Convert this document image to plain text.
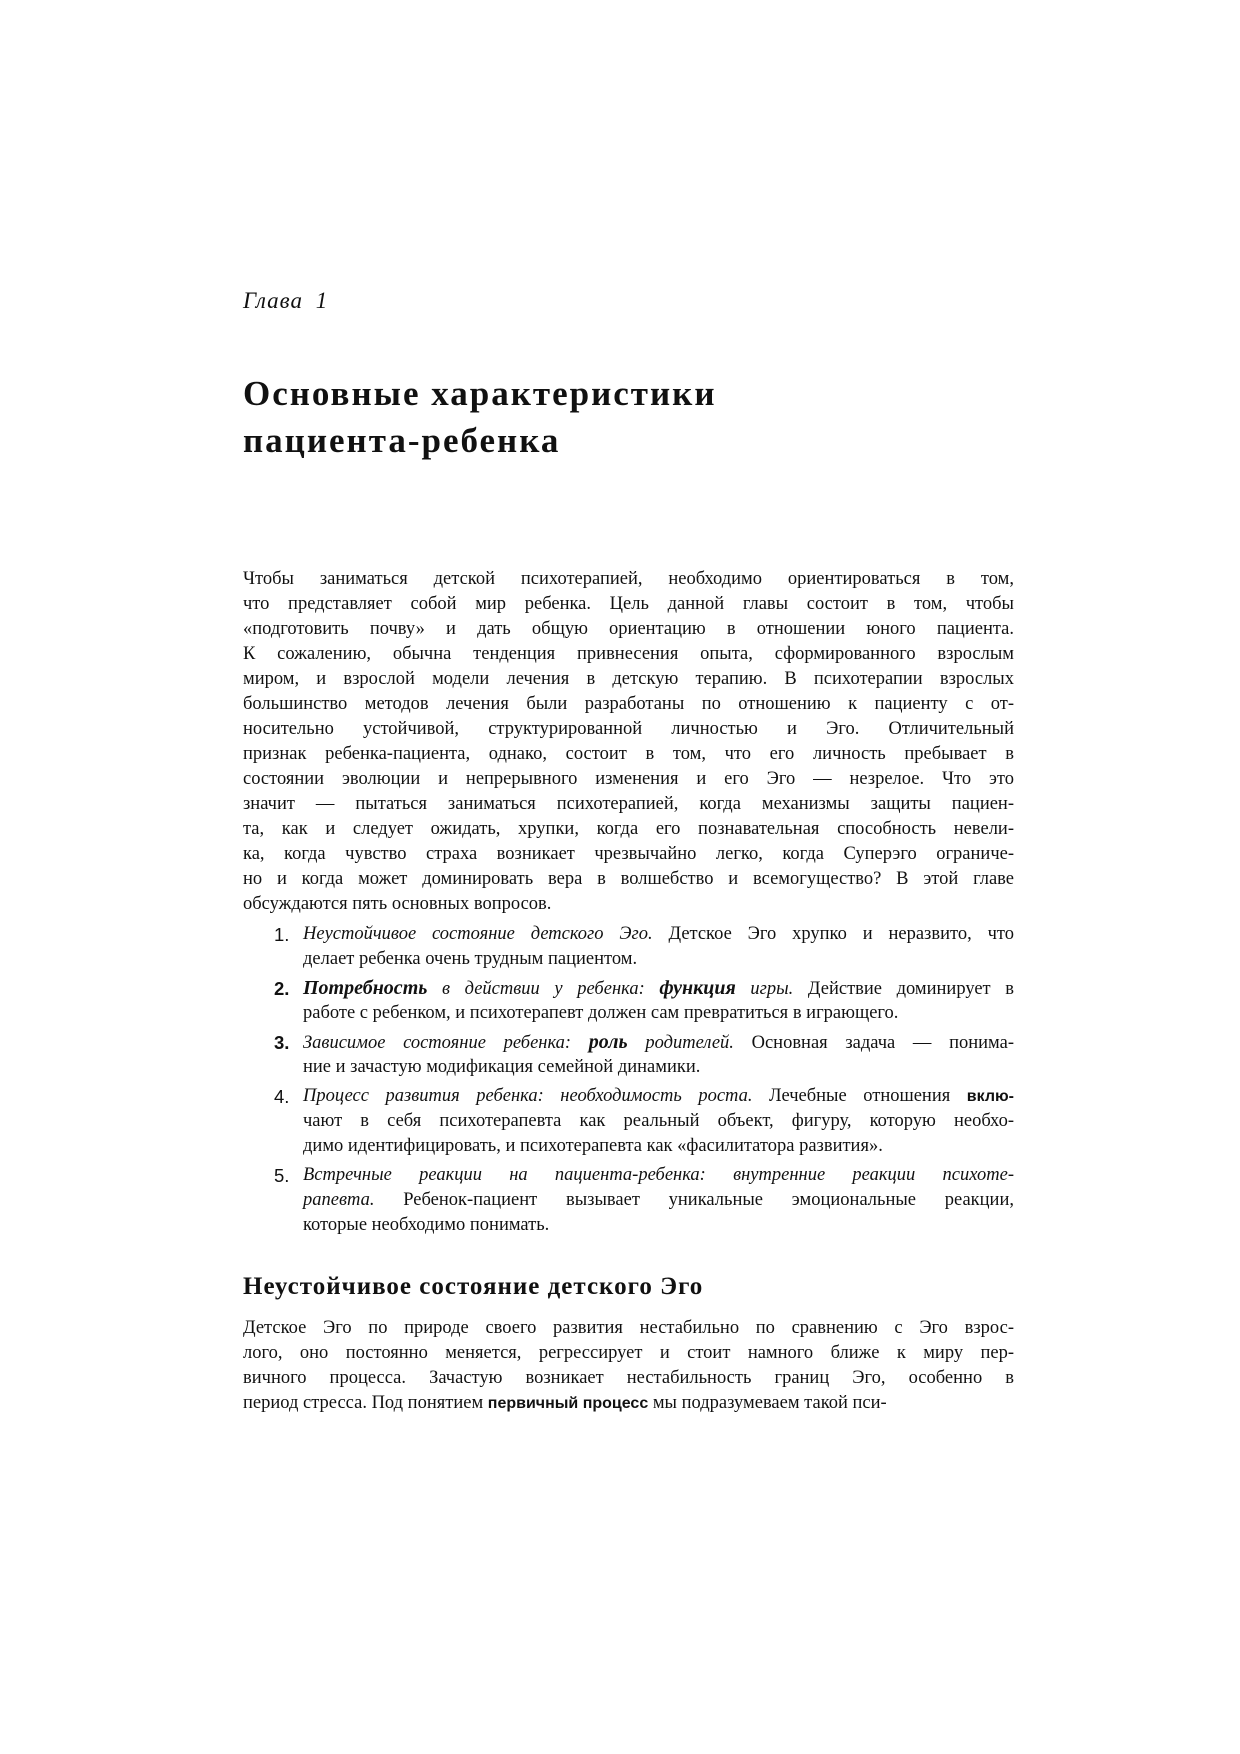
Глава 1
Основные характеристики
пациента-ребенка
Чтобы заниматься детской психотерапией, необходимо ориентироваться в том,
что представляет собой мир ребенка. Цель данной главы состоит в том, чтобы
«подготовить почву» и дать общую ориентацию в отношении юного пациента.
К сожалению, обычна тенденция привнесения опыта, сформированного взрослым
миром, и взрослой модели лечения в детскую терапию. В психотерапии взрослых
большинство методов лечения были разработаны по отношению к пациенту с от-
носительно устойчивой, структурированной личностью и Эго. Отличительный
признак ребенка-пациента, однако, состоит в том, что его личность пребывает в
состоянии эволюции и непрерывного изменения и его Эго — незрелое. Что это
значит — пытаться заниматься психотерапией, когда механизмы защиты пациен-
та, как и следует ожидать, хрупки, когда его познавательная способность невели-
ка, когда чувство страха возникает чрезвычайно легко, когда Суперэго ограниче-
но и когда может доминировать вера в волшебство и всемогущество? В этой главе
обсуждаются пять основных вопросов.
1. Неустойчивое состояние детского Эго. Детское Эго хрупко и неразвито, что
делает ребенка очень трудным пациентом.
2. Потребность в действии у ребенка: функция игры. Действие доминирует в
работе с ребенком, и психотерапевт должен сам превратиться в играющего.
3. Зависимое состояние ребенка: роль родителей. Основная задача — понима-
ние и зачастую модификация семейной динамики.
4. Процесс развития ребенка: необходимость роста. Лечебные отношения вклю-
чают в себя психотерапевта как реальный объект, фигуру, которую необхо-
димо идентифицировать, и психотерапевта как «фасилитатора развития».
5. Встречные реакции на пациента-ребенка: внутренние реакции психоте-
рапевта. Ребенок-пациент вызывает уникальные эмоциональные реакции,
которые необходимо понимать.
Неустойчивое состояние детского Эго
Детское Эго по природе своего развития нестабильно по сравнению с Эго взрос-
лого, оно постоянно меняется, регрессирует и стоит намного ближе к миру пер-
вичного процесса. Зачастую возникает нестабильность границ Эго, особенно в
период стресса. Под понятием первичный процесс мы подразумеваем такой пси-
